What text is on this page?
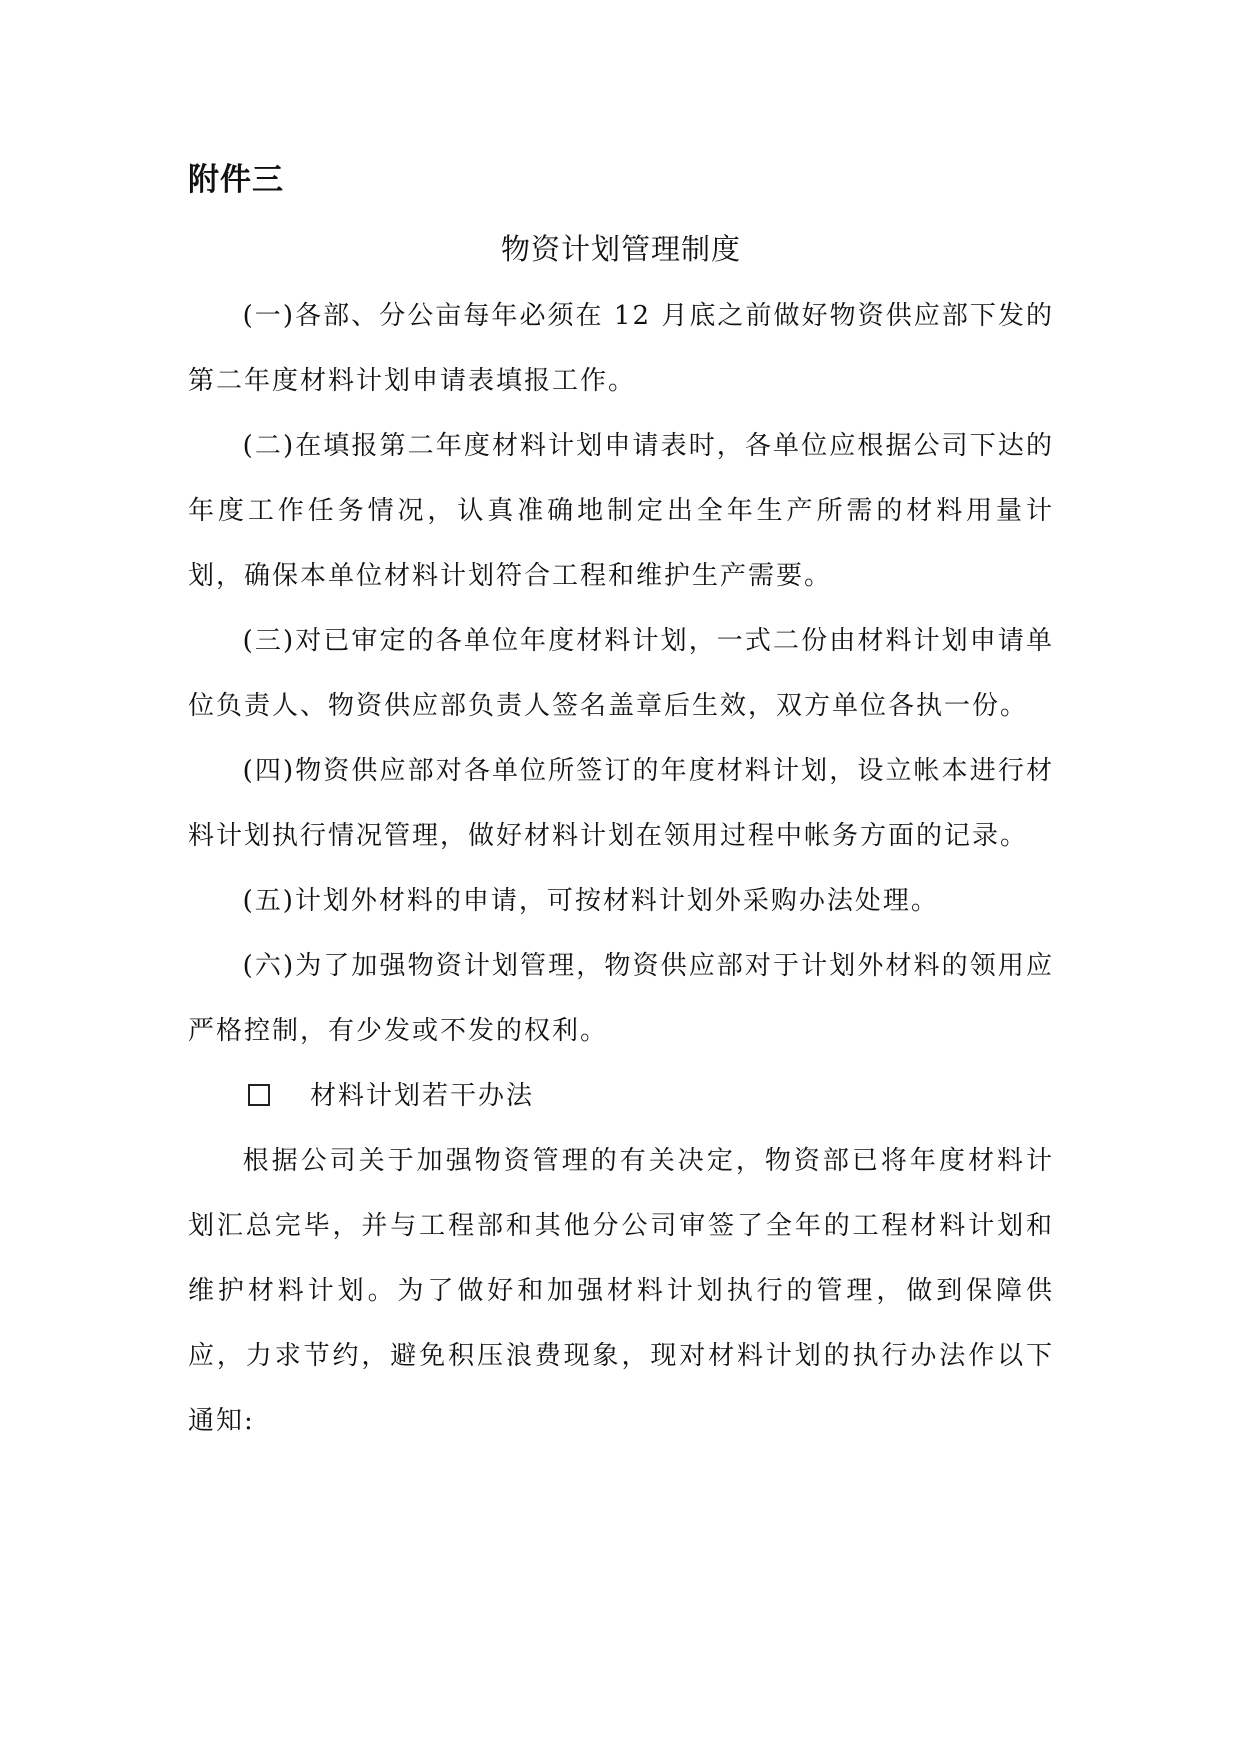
附件三
物资计划管理制度

(一)各部、分公亩每年必须在 12 月底之前做好物资供应部下发的第二年度材料计划申请表填报工作。

(二)在填报第二年度材料计划申请表时，各单位应根据公司下达的年度工作任务情况，认真准确地制定出全年生产所需的材料用量计划，确保本单位材料计划符合工程和维护生产需要。

(三)对已审定的各单位年度材料计划，一式二份由材料计划申请单位负责人、物资供应部负责人签名盖章后生效，双方单位各执一份。

(四)物资供应部对各单位所签订的年度材料计划，设立帐本进行材料计划执行情况管理，做好材料计划在领用过程中帐务方面的记录。

(五)计划外材料的申请，可按材料计划外采购办法处理。

(六)为了加强物资计划管理，物资供应部对于计划外材料的领用应严格控制，有少发或不发的权利。

材料计划若干办法

根据公司关于加强物资管理的有关决定，物资部已将年度材料计划汇总完毕，并与工程部和其他分公司审签了全年的工程材料计划和维护材料计划。为了做好和加强材料计划执行的管理，做到保障供应，力求节约，避免积压浪费现象，现对材料计划的执行办法作以下通知:
